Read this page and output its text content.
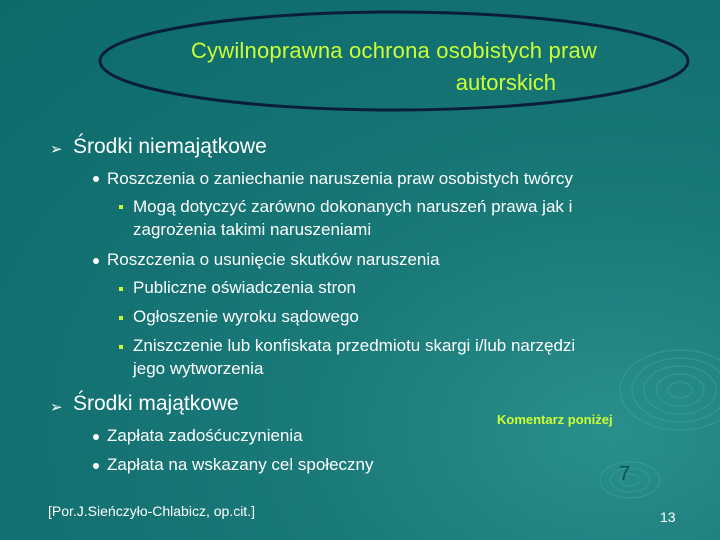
Cywilnoprawna ochrona osobistych praw
autorskich
➢ Środki niemajątkowe
Roszczenia o zaniechanie naruszenia praw osobistych twórcy
Mogą dotyczyć zarówno dokonanych naruszeń prawa jak i
zagrożenia takimi naruszeniami
Roszczenia o usunięcie skutków naruszenia
Publiczne oświadczenia stron
Ogłoszenie wyroku sądowego
Zniszczenie lub konfiskata przedmiotu skargi i/lub narzędzi
jego wytworzenia
➢ Środki majątkowe
Zapłata zadośćuczynienia
Zapłata na wskazany cel społeczny
Komentarz poniżej
7
[Por.J.Sieńczyło-Chlabicz, op.cit.]	13
